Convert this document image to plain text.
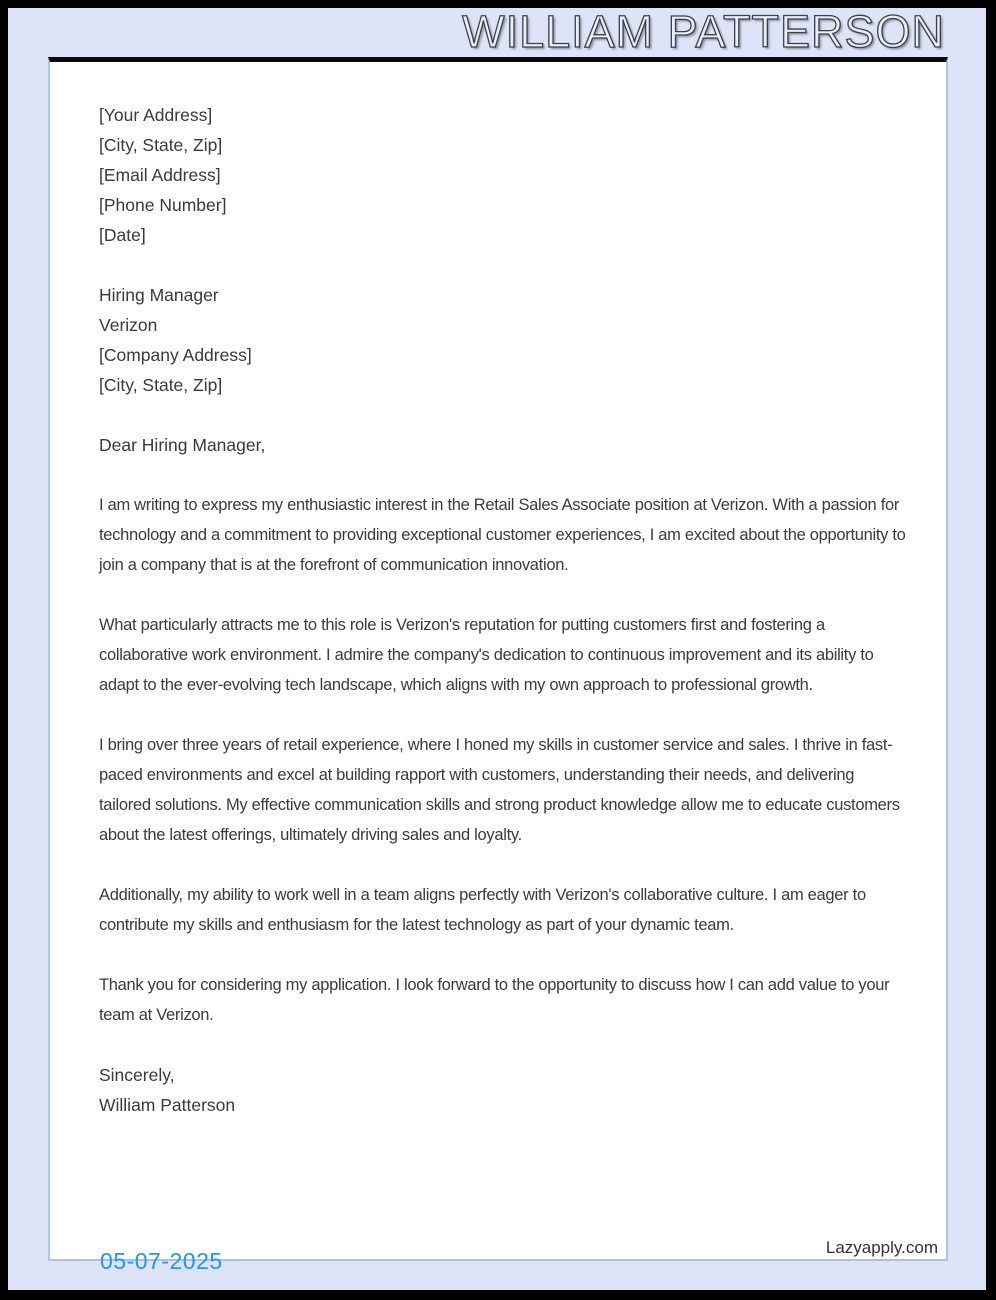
WILLIAM PATTERSON
[Your Address]
[City, State, Zip]
[Email Address]
[Phone Number]
[Date]
Hiring Manager
Verizon
[Company Address]
[City, State, Zip]
Dear Hiring Manager,
I am writing to express my enthusiastic interest in the Retail Sales Associate position at Verizon. With a passion for technology and a commitment to providing exceptional customer experiences, I am excited about the opportunity to join a company that is at the forefront of communication innovation.
What particularly attracts me to this role is Verizon's reputation for putting customers first and fostering a collaborative work environment. I admire the company's dedication to continuous improvement and its ability to adapt to the ever-evolving tech landscape, which aligns with my own approach to professional growth.
I bring over three years of retail experience, where I honed my skills in customer service and sales. I thrive in fast-paced environments and excel at building rapport with customers, understanding their needs, and delivering tailored solutions. My effective communication skills and strong product knowledge allow me to educate customers about the latest offerings, ultimately driving sales and loyalty.
Additionally, my ability to work well in a team aligns perfectly with Verizon's collaborative culture. I am eager to contribute my skills and enthusiasm for the latest technology as part of your dynamic team.
Thank you for considering my application. I look forward to the opportunity to discuss how I can add value to your team at Verizon.
Sincerely,
William Patterson
Lazyapply.com
05-07-2025
